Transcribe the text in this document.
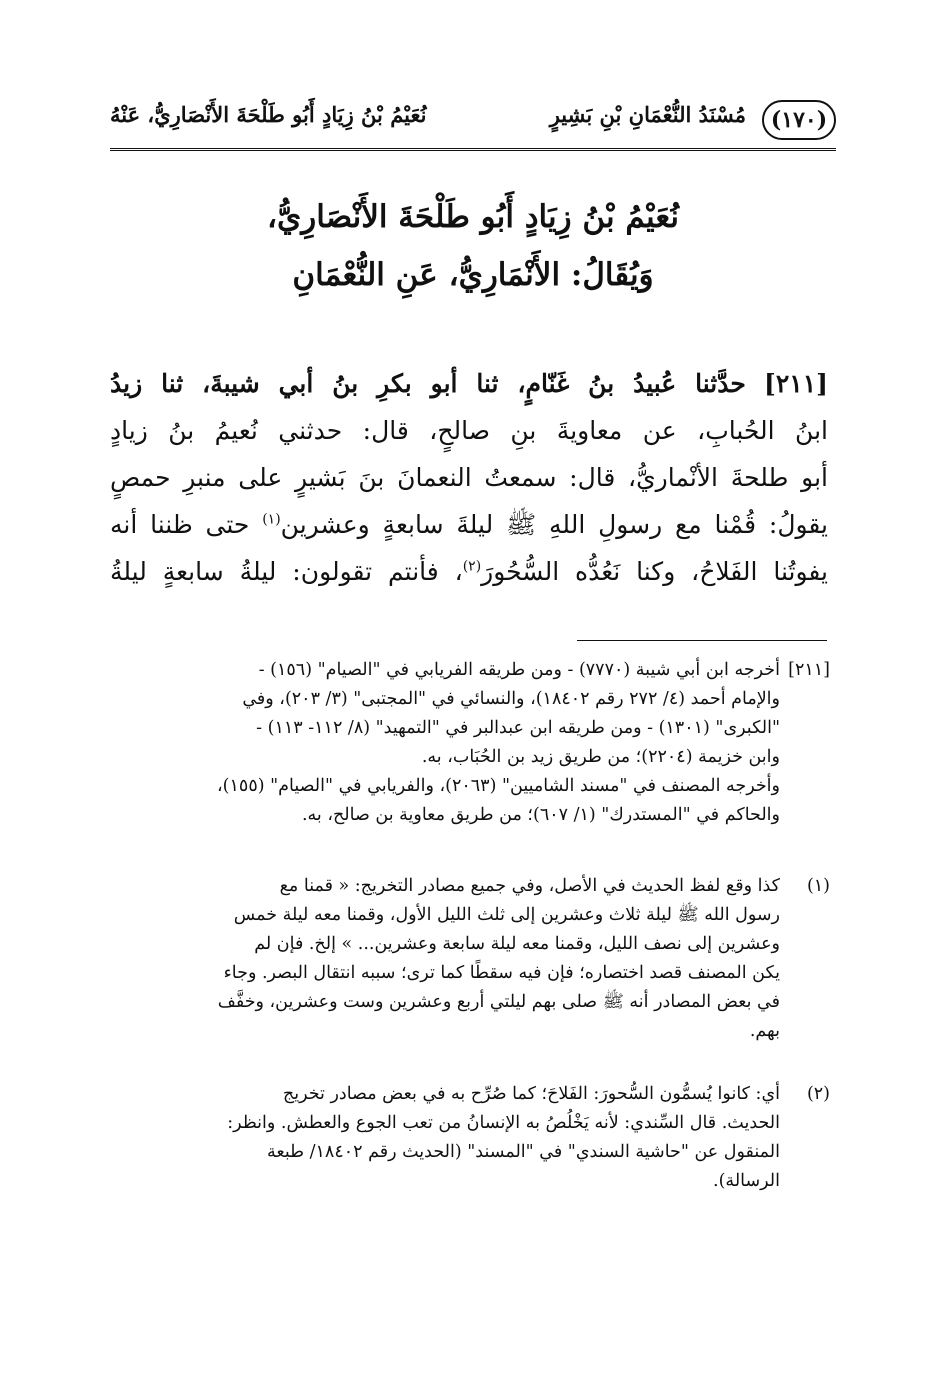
(١٧٠)
مُسْنَدُ النُّعْمَانِ بْنِ بَشِيرٍ
نُعَيْمُ بْنُ زِيَادٍ أَبُو طَلْحَةَ الأَنْصَارِيُّ، عَنْهُ
نُعَيْمُ بْنُ زِيَادٍ أَبُو طَلْحَةَ الأَنْصَارِيُّ،
وَيُقَالُ: الأَنْمَارِيُّ، عَنِ النُّعْمَانِ
[٢١١] حدَّثنا عُبيدُ بنُ غَنّامٍ، ثنا أبو بكرِ بنُ أبي شيبةَ، ثنا زيدُ
ابنُ الحُبابِ، عن معاويةَ بنِ صالحٍ، قال: حدثني نُعيمُ بنُ زيادٍ
أبو طلحةَ الأنْماريُّ، قال: سمعتُ النعمانَ بنَ بَشيرٍ على منبرِ حمصٍ
يقولُ: قُمْنا مع رسولِ اللهِ ﷺ ليلةَ سابعةٍ وعشرين$^{(١)}$ حتى ظننا أنه
يفوتُنا الفَلاحُ، وكنا نَعُدُّه السُّحُورَ$^{(٢)}$، فأنتم تقولون: ليلةُ سابعةٍ ليلةُ
[٢١١]
أخرجه ابن أبي شيبة (٧٧٧٠) - ومن طريقه الفريابي في "الصيام" (١٥٦) -
والإمام أحمد (٤/ ٢٧٢ رقم ١٨٤٠٢)، والنسائي في "المجتبى" (٣/ ٢٠٣)، وفي
"الكبرى" (١٣٠١) - ومن طريقه ابن عبدالبر في "التمهيد" (٨/ ١١٢- ١١٣) -
وابن خزيمة (٢٢٠٤)؛ من طريق زيد بن الحُبَاب، به.
وأخرجه المصنف في "مسند الشاميين" (٢٠٦٣)، والفريابي في "الصيام" (١٥٥)،
والحاكم في "المستدرك" (١/ ٦٠٧)؛ من طريق معاوية بن صالح، به.
(١)
كذا وقع لفظ الحديث في الأصل، وفي جميع مصادر التخريج: « قمنا مع
رسول الله ﷺ ليلة ثلاث وعشرين إلى ثلث الليل الأول، وقمنا معه ليلة خمس
وعشرين إلى نصف الليل، وقمنا معه ليلة سابعة وعشرين... » إلخ. فإن لم
يكن المصنف قصد اختصاره؛ فإن فيه سقطًا كما ترى؛ سببه انتقال البصر. وجاء
في بعض المصادر أنه ﷺ صلى بهم ليلتي أربع وعشرين وست وعشرين، وخفَّف
بهم.
(٢)
أي: كانوا يُسمُّون السُّحورَ: الفَلاحَ؛ كما صُرِّح به في بعض مصادر تخريج
الحديث. قال السِّندي: لأنه يَخْلُصُ به الإنسانُ من تعب الجوع والعطش. وانظر:
المنقول عن "حاشية السندي" في "المسند" (الحديث رقم ١٨٤٠٢/ طبعة
الرسالة).
